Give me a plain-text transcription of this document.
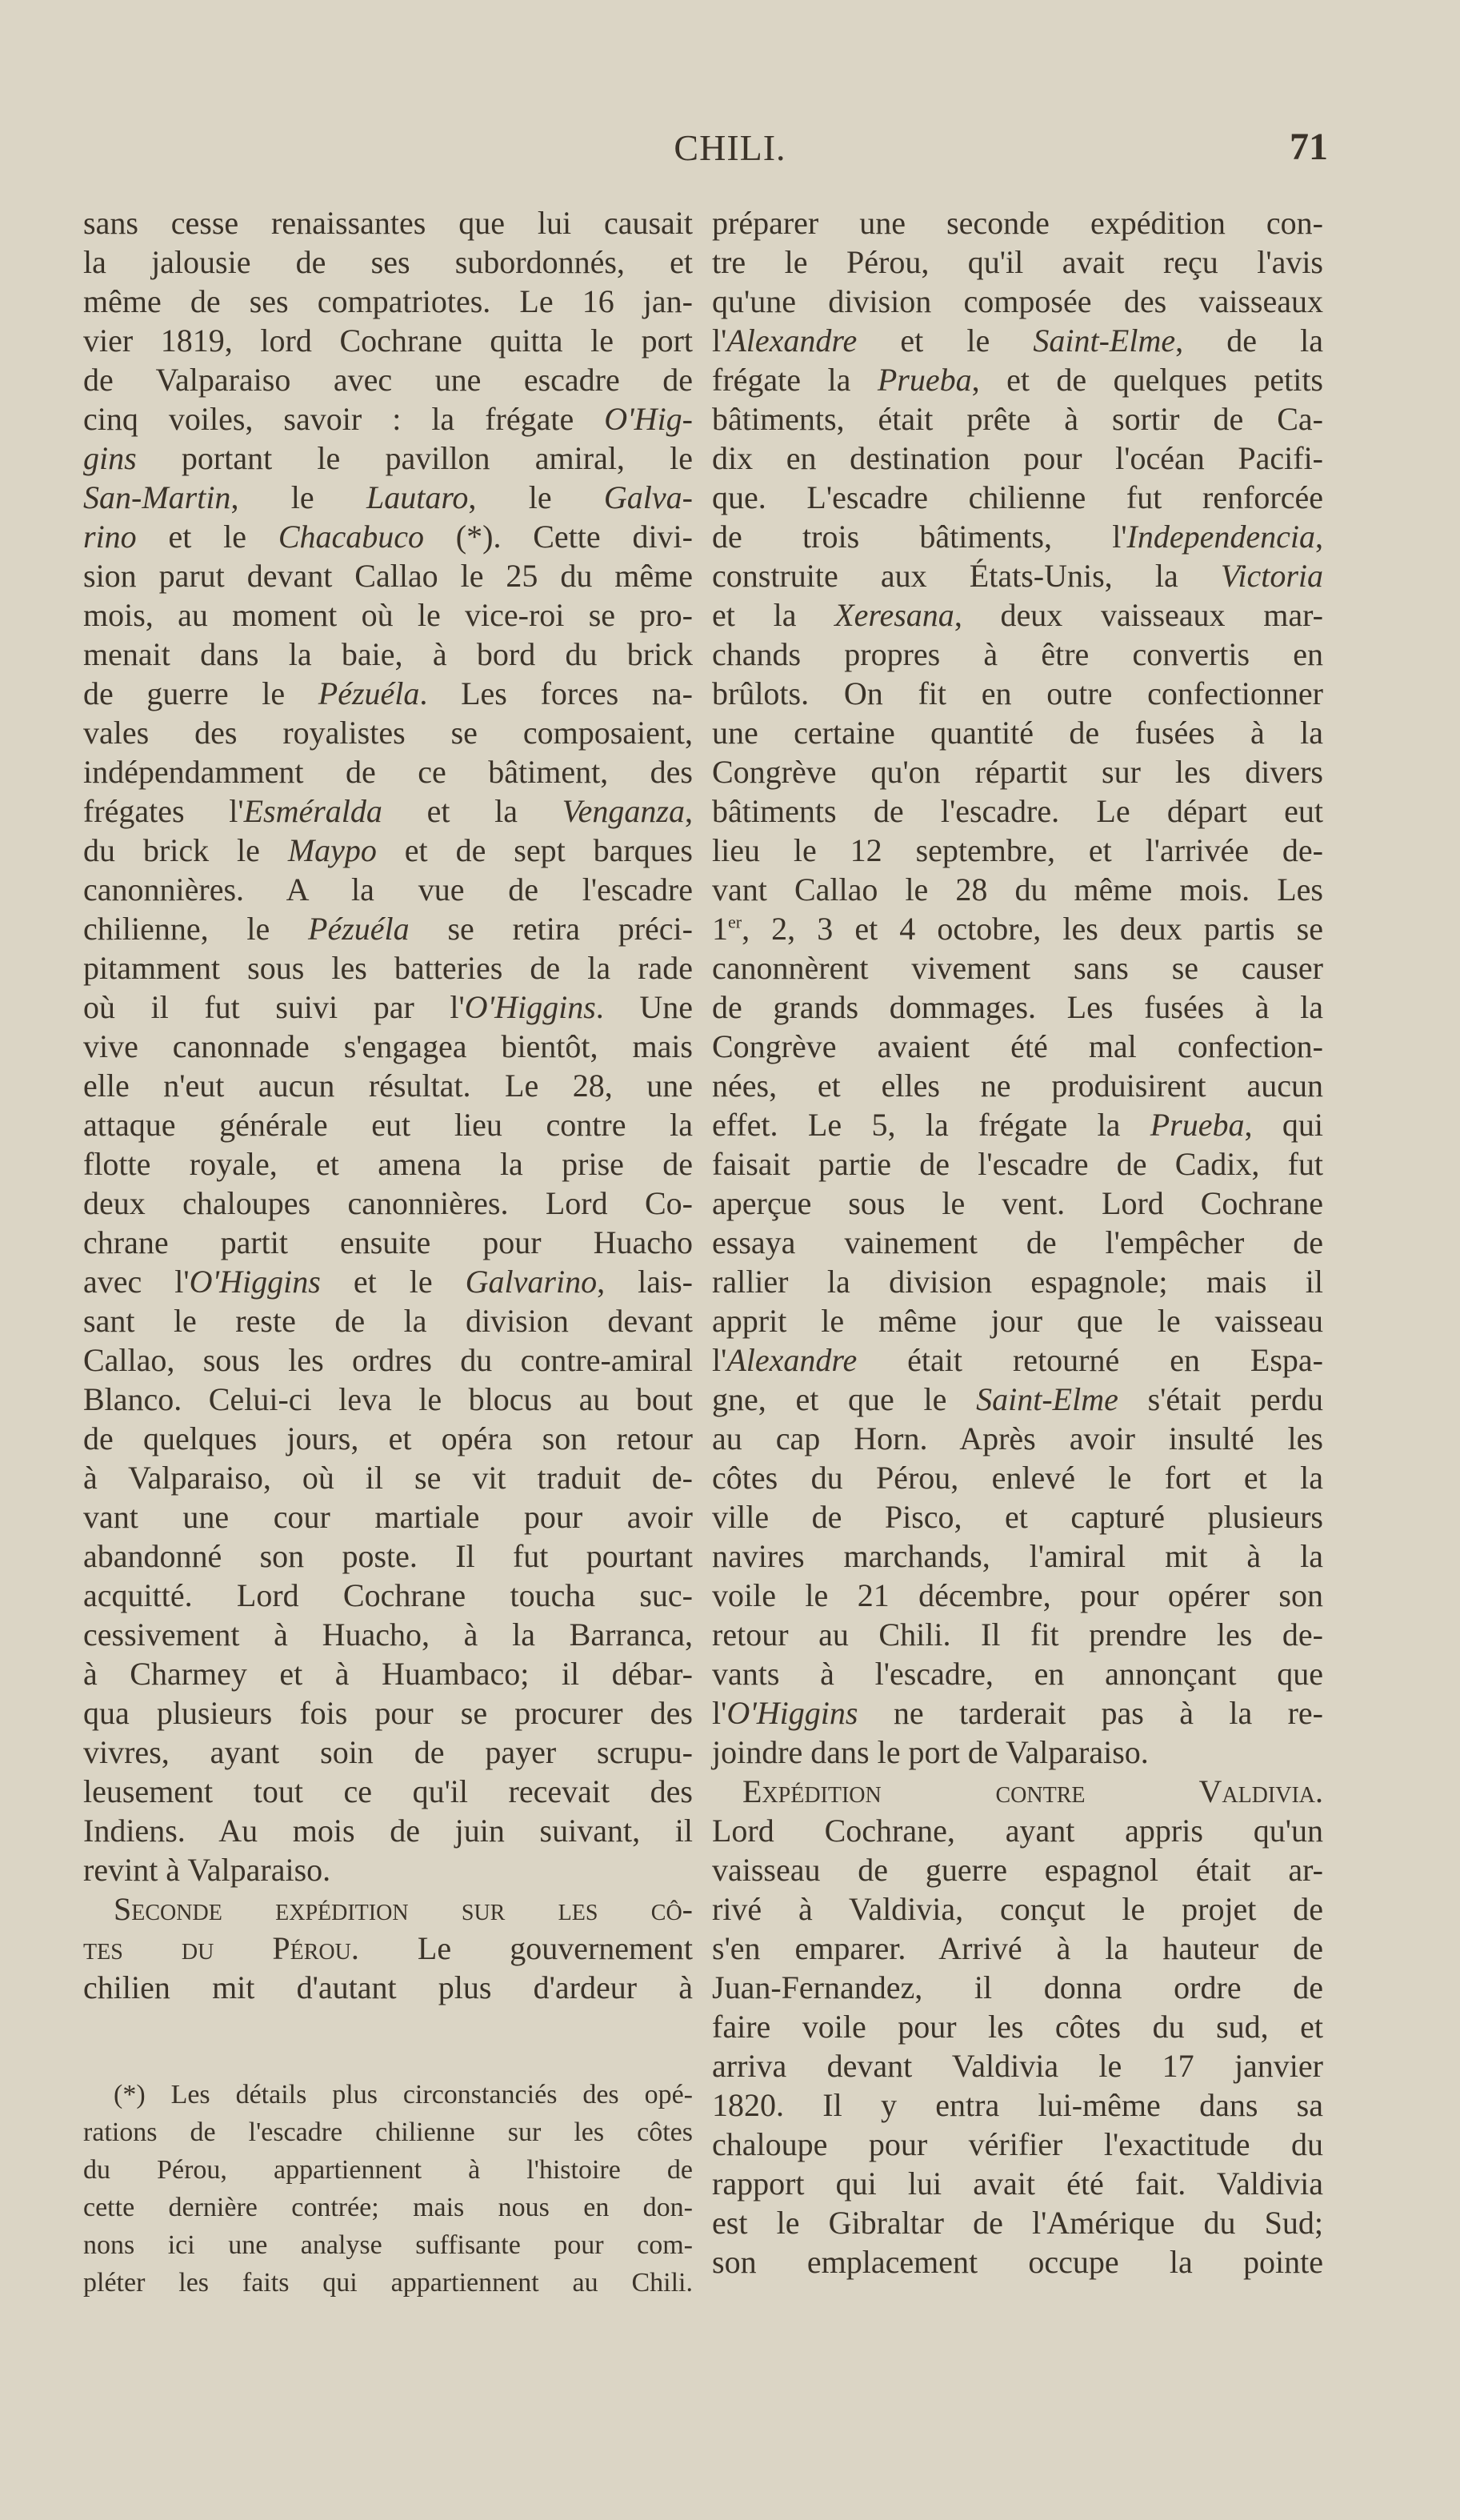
CHILI.	71
sans cesse renaissantes que lui causait
la jalousie de ses subordonnés, et
même de ses compatriotes. Le 16 jan-
vier 1819, lord Cochrane quitta le port
de Valparaiso avec une escadre de
cinq voiles, savoir : la frégate O'Hig-
gins portant le pavillon amiral, le
San-Martin, le Lautaro, le Galva-
rino et le Chacabuco (*). Cette divi-
sion parut devant Callao le 25 du même
mois, au moment où le vice-roi se pro-
menait dans la baie, à bord du brick
de guerre le Pézuéla. Les forces na-
vales des royalistes se composaient,
indépendamment de ce bâtiment, des
frégates l'Esméralda et la Venganza,
du brick le Maypo et de sept barques
canonnières. A la vue de l'escadre
chilienne, le Pézuéla se retira préci-
pitamment sous les batteries de la rade
où il fut suivi par l'O'Higgins. Une
vive canonnade s'engagea bientôt, mais
elle n'eut aucun résultat. Le 28, une
attaque générale eut lieu contre la
flotte royale, et amena la prise de
deux chaloupes canonnières. Lord Co-
chrane partit ensuite pour Huacho
avec l'O'Higgins et le Galvarino, lais-
sant le reste de la division devant
Callao, sous les ordres du contre-amiral
Blanco. Celui-ci leva le blocus au bout
de quelques jours, et opéra son retour
à Valparaiso, où il se vit traduit de-
vant une cour martiale pour avoir
abandonné son poste. Il fut pourtant
acquitté. Lord Cochrane toucha suc-
cessivement à Huacho, à la Barranca,
à Charmey et à Huambaco; il débar-
qua plusieurs fois pour se procurer des
vivres, ayant soin de payer scrupu-
leusement tout ce qu'il recevait des
Indiens. Au mois de juin suivant, il
revint à Valparaiso.
Seconde expédition sur les cô-
tes du Pérou. Le gouvernement
chilien mit d'autant plus d'ardeur à
préparer une seconde expédition con-
tre le Pérou, qu'il avait reçu l'avis
qu'une division composée des vaisseaux
l'Alexandre et le Saint-Elme, de la
frégate la Prueba, et de quelques petits
bâtiments, était prête à sortir de Ca-
dix en destination pour l'océan Pacifi-
que. L'escadre chilienne fut renforcée
de trois bâtiments, l'Independencia,
construite aux États-Unis, la Victoria
et la Xeresana, deux vaisseaux mar-
chands propres à être convertis en
brûlots. On fit en outre confectionner
une certaine quantité de fusées à la
Congrève qu'on répartit sur les divers
bâtiments de l'escadre. Le départ eut
lieu le 12 septembre, et l'arrivée de-
vant Callao le 28 du même mois. Les
1er, 2, 3 et 4 octobre, les deux partis se
canonnèrent vivement sans se causer
de grands dommages. Les fusées à la
Congrève avaient été mal confection-
nées, et elles ne produisirent aucun
effet. Le 5, la frégate la Prueba, qui
faisait partie de l'escadre de Cadix, fut
aperçue sous le vent. Lord Cochrane
essaya vainement de l'empêcher de
rallier la division espagnole; mais il
apprit le même jour que le vaisseau
l'Alexandre était retourné en Espa-
gne, et que le Saint-Elme s'était perdu
au cap Horn. Après avoir insulté les
côtes du Pérou, enlevé le fort et la
ville de Pisco, et capturé plusieurs
navires marchands, l'amiral mit à la
voile le 21 décembre, pour opérer son
retour au Chili. Il fit prendre les de-
vants à l'escadre, en annonçant que
l'O'Higgins ne tarderait pas à la re-
joindre dans le port de Valparaiso.
Expédition contre Valdivia.
Lord Cochrane, ayant appris qu'un
vaisseau de guerre espagnol était ar-
rivé à Valdivia, conçut le projet de
s'en emparer. Arrivé à la hauteur de
Juan-Fernandez, il donna ordre de
faire voile pour les côtes du sud, et
arriva devant Valdivia le 17 janvier
1820. Il y entra lui-même dans sa
chaloupe pour vérifier l'exactitude du
rapport qui lui avait été fait. Valdivia
est le Gibraltar de l'Amérique du Sud;
son emplacement occupe la pointe
(*) Les détails plus circonstanciés des opé-
rations de l'escadre chilienne sur les côtes
du Pérou, appartiennent à l'histoire de
cette dernière contrée; mais nous en don-
nons ici une analyse suffisante pour com-
pléter les faits qui appartiennent au Chili.
